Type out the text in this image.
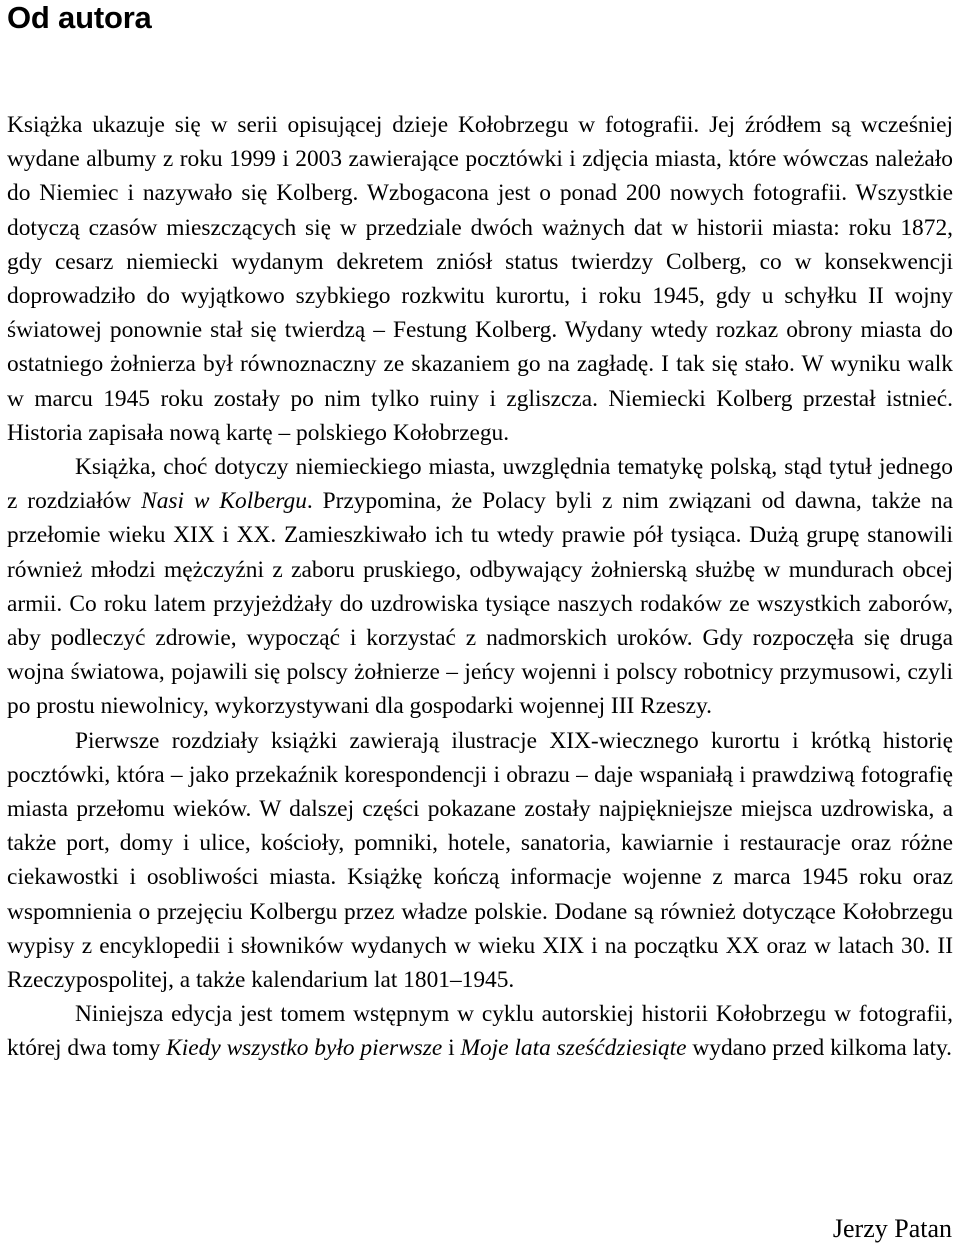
Od autora

Książka ukazuje się w serii opisującej dzieje Kołobrzegu w fotografii. Jej źródłem są wcześniej wydane albumy z roku 1999 i 2003 zawierające pocztówki i zdjęcia miasta, które wówczas należało do Niemiec i nazywało się Kolberg. Wzbogacona jest o ponad 200 nowych fotografii. Wszystkie dotyczą czasów mieszczących się w przedziale dwóch ważnych dat w historii miasta: roku 1872, gdy cesarz niemiecki wydanym dekretem zniósł status twierdzy Colberg, co w konsekwencji doprowadziło do wyjątkowo szybkiego rozkwitu kurortu, i roku 1945, gdy u schyłku II wojny światowej ponownie stał się twierdzą – Festung Kolberg. Wydany wtedy rozkaz obrony miasta do ostatniego żołnierza był równoznaczny ze skazaniem go na zagładę. I tak się stało. W wyniku walk w marcu 1945 roku zostały po nim tylko ruiny i zgliszcza. Niemiecki Kolberg przestał istnieć. Historia zapisała nową kartę – polskiego Kołobrzegu.

Książka, choć dotyczy niemieckiego miasta, uwzględnia tematykę polską, stąd tytuł jednego z rozdziałów Nasi w Kolbergu. Przypomina, że Polacy byli z nim związani od dawna, także na przełomie wieku XIX i XX. Zamieszkiwało ich tu wtedy prawie pół tysiąca. Dużą grupę stanowili również młodzi mężczyźni z zaboru pruskiego, odbywający żołnierską służbę w mundurach obcej armii. Co roku latem przyjeżdżały do uzdrowiska tysiące naszych rodaków ze wszystkich zaborów, aby podleczyć zdrowie, wypocząć i korzystać z nadmorskich uroków. Gdy rozpoczęła się druga wojna światowa, pojawili się polscy żołnierze – jeńcy wojenni i polscy robotnicy przymusowi, czyli po prostu niewolnicy, wykorzystywani dla gospodarki wojennej III Rzeszy.

Pierwsze rozdziały książki zawierają ilustracje XIX-wiecznego kurortu i krótką historię pocztówki, która – jako przekaźnik korespondencji i obrazu – daje wspaniałą i prawdziwą fotografię miasta przełomu wieków. W dalszej części pokazane zostały najpiękniejsze miejsca uzdrowiska, a także port, domy i ulice, kościoły, pomniki, hotele, sanatoria, kawiarnie i restauracje oraz różne ciekawostki i osobliwości miasta. Książkę kończą informacje wojenne z marca 1945 roku oraz wspomnienia o przejęciu Kolbergu przez władze polskie. Dodane są również dotyczące Kołobrzegu wypisy z encyklopedii i słowników wydanych w wieku XIX i na początku XX oraz w latach 30. II Rzeczypospolitej, a także kalendarium lat 1801–1945.

Niniejsza edycja jest tomem wstępnym w cyklu autorskiej historii Kołobrzegu w fotografii, której dwa tomy Kiedy wszystko było pierwsze i Moje lata sześćdziesiąte wydano przed kilkoma laty.

Jerzy Patan
